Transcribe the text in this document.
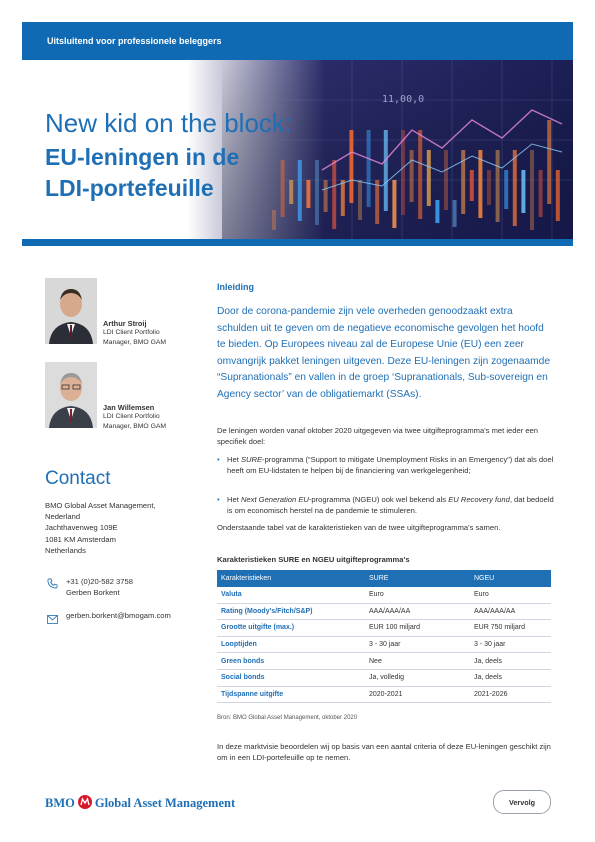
Uitsluitend voor professionele beleggers
11,00,0
New kid on the block:
EU-leningen in de
LDI-portefeuille
Arthur Stroij
LDI Client Portfolio
Manager, BMO GAM
Jan Willemsen
LDI Client Portfolio
Manager, BMO GAM
Contact
BMO Global Asset Management,
Nederland
Jachthavenweg 109E
1081 KM Amsterdam
Netherlands
+31 (0)20-582 3758
Gerben Borkent
gerben.borkent@bmogam.com
Inleiding
Door de corona-pandemie zijn vele overheden genoodzaakt extra schulden uit te geven om de negatieve economische gevolgen het hoofd te bieden. Op Europees niveau zal de Europese Unie (EU) een zeer omvangrijk pakket leningen uitgeven. Deze EU-leningen zijn zogenaamde “Supranationals” en vallen in de groep ‘Supranationals, Sub-sovereign en Agency sector’ van de obligatiemarkt (SSAs).
De leningen worden vanaf oktober 2020 uitgegeven via twee uitgifteprogramma's met ieder een specifiek doel:
• Het SURE-programma (“Support to mitigate Unemployment Risks in an Emergency”) dat als doel heeft om EU-lidstaten te helpen bij de financiering van werkgelegenheid;
• Het Next Generation EU-programma (NGEU) ook wel bekend als EU Recovery fund, dat bedoeld is om economisch herstel na de pandemie te stimuleren.
Onderstaande tabel vat de karakteristieken van de twee uitgifteprogramma's samen.
Karakteristieken SURE en NGEU uitgifteprogramma's
Karakteristieken	SURE	NGEU
Valuta	Euro	Euro
Rating (Moody's/Fitch/S&P)	AAA/AAA/AA	AAA/AAA/AA
Grootte uitgifte (max.)	EUR 100 miljard	EUR 750 miljard
Looptijden	3 - 30 jaar	3 - 30 jaar
Green bonds	Nee	Ja, deels
Social bonds	Ja, volledig	Ja, deels
Tijdspanne uitgifte	2020-2021	2021-2026
Bron: BMO Global Asset Management, oktober 2020
In deze marktvisie beoordelen wij op basis van een aantal criteria of deze EU-leningen geschikt zijn om in een LDI-portefeuille op te nemen.
BMO Global Asset Management	Vervolg
